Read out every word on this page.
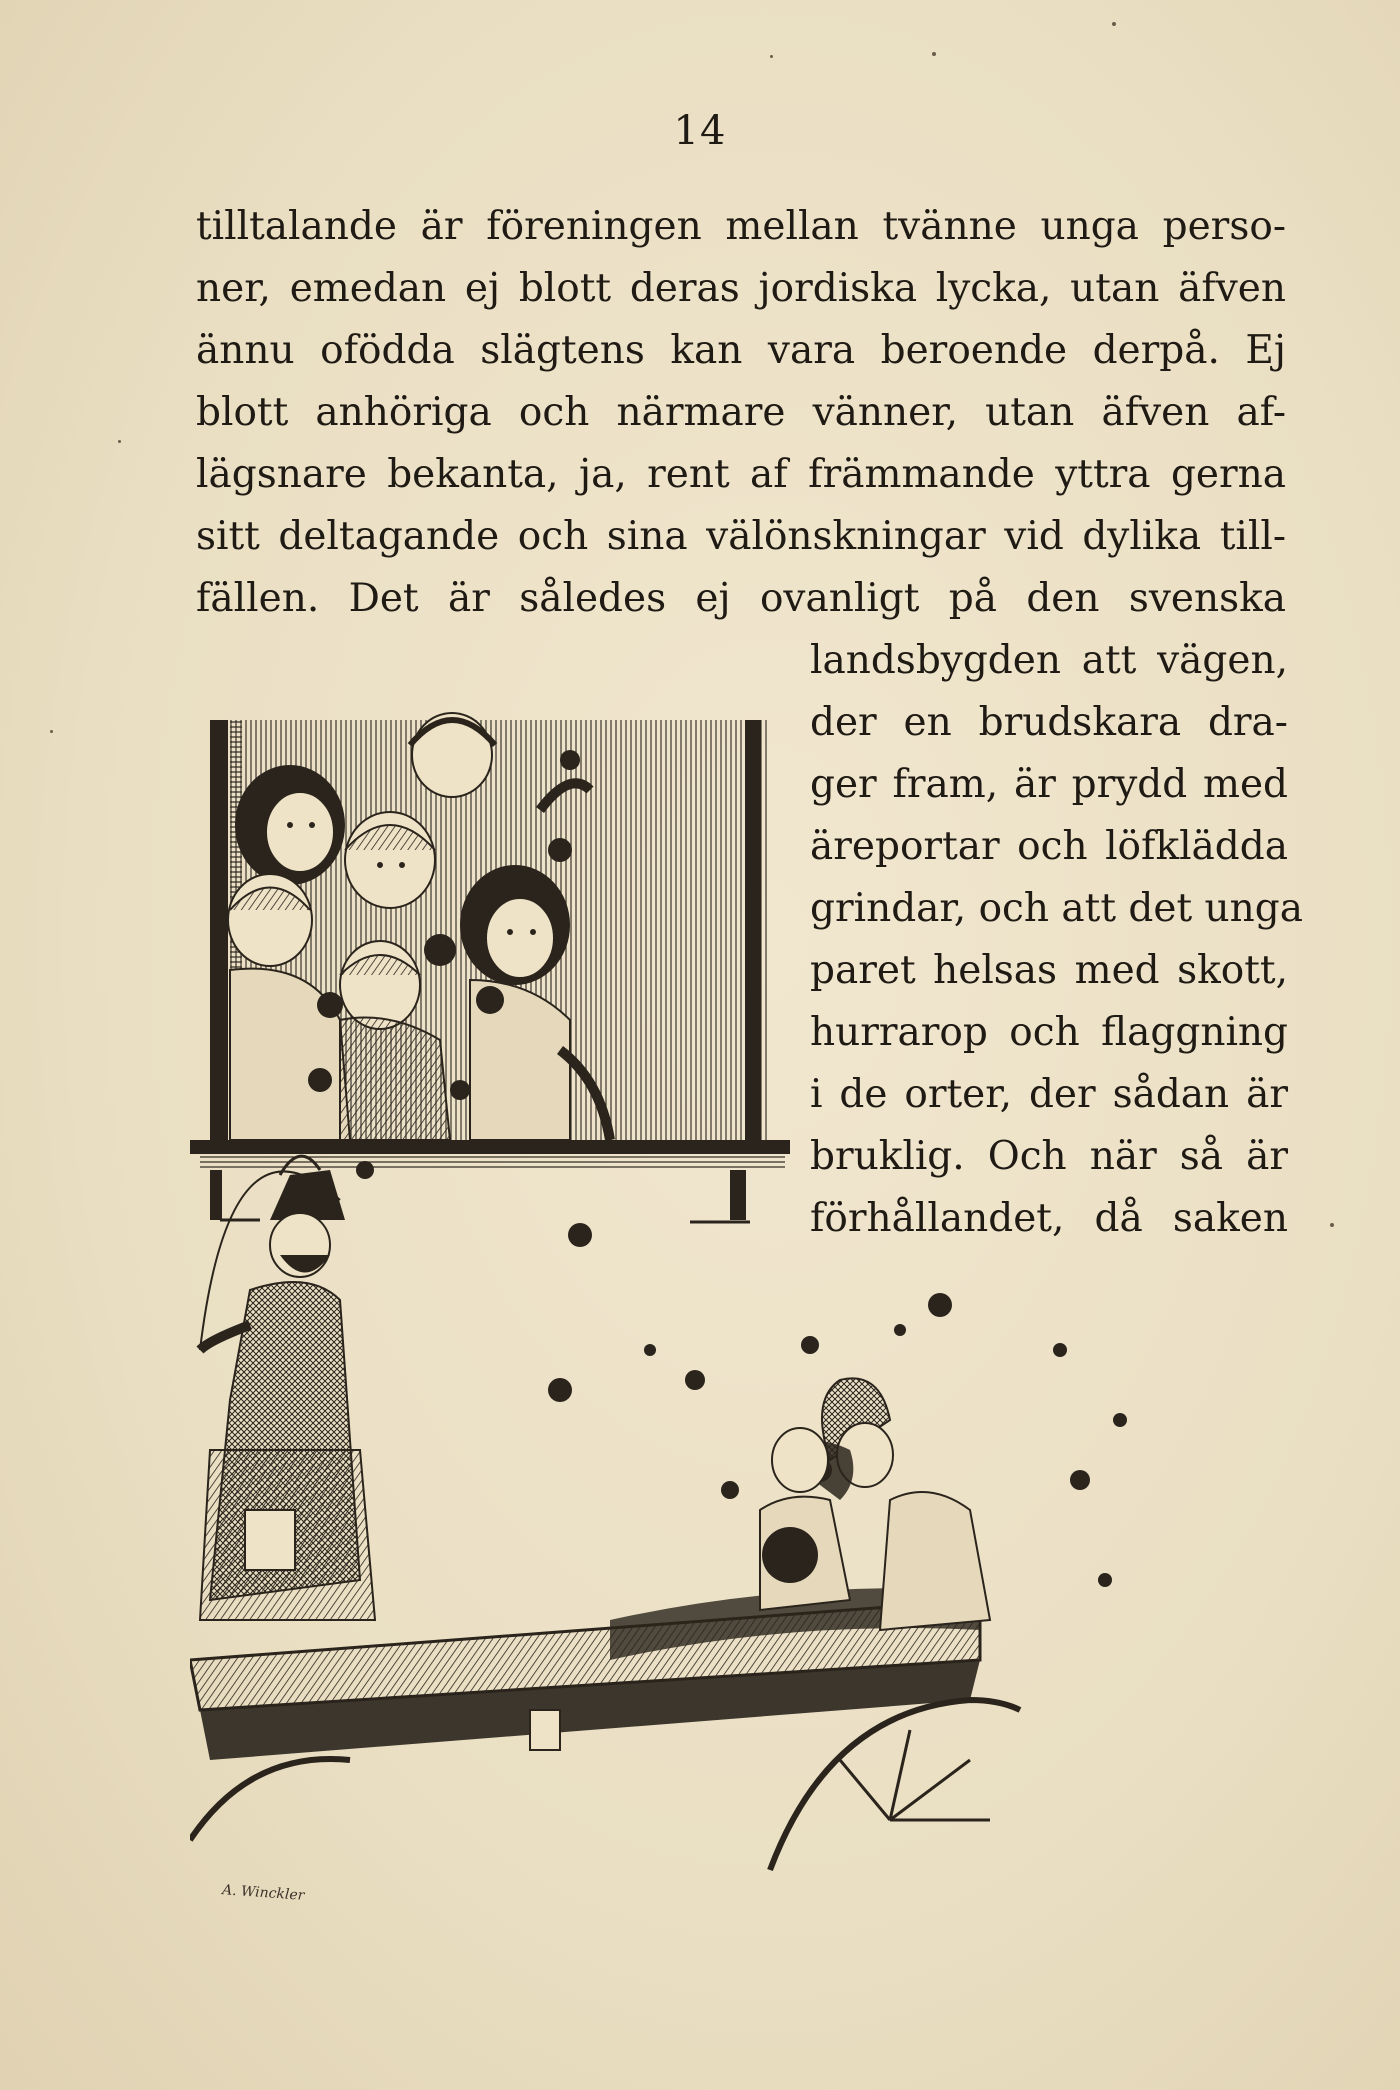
14
tilltalande är föreningen mellan tvänne unga perso-
ner, emedan ej blott deras jordiska lycka, utan äfven
ännu ofödda slägtens kan vara beroende derpå. Ej
blott anhöriga och närmare vänner, utan äfven af-
lägsnare bekanta, ja, rent af främmande yttra gerna
sitt deltagande och sina välönskningar vid dylika till-
fällen. Det är således ej ovanligt på den svenska
landsbygden att vägen,
der en brudskara dra-
ger fram, är prydd med
äreportar och löfklädda
grindar, och att det unga
paret helsas med skott,
hurrarop och flaggning
i de orter, der sådan är
bruklig. Och när så är
förhållandet, då saken
A. Winckler
